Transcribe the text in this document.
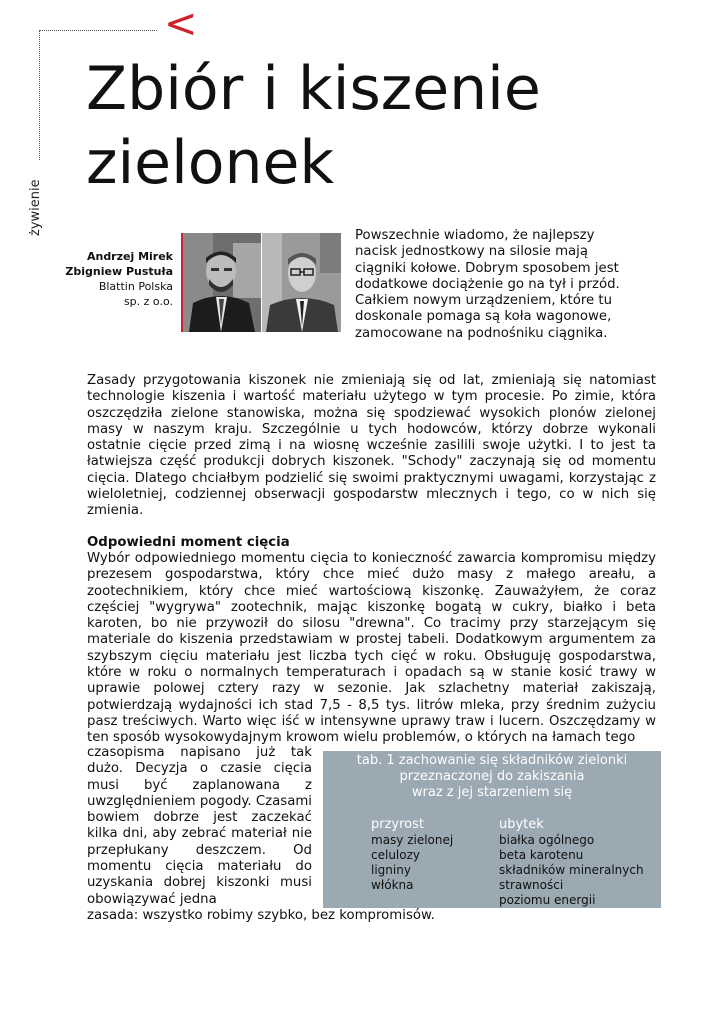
<
żywienie
Zbiór i kiszenie
zielonek
Andrzej Mirek
Zbigniew Pustuła
Blattin Polska
sp. z o.o.
Powszechnie wiadomo, że najlepszy nacisk jednostkowy na silosie mają ciągniki kołowe. Dobrym sposobem jest dodatkowe dociążenie go na tył i przód. Całkiem nowym urządzeniem, które tu doskonale pomaga są koła wagonowe, zamocowane na podnośniku ciągnika.

Zasady przygotowania kiszonek nie zmieniają się od lat, zmieniają się natomiast technologie kiszenia i wartość materiału użytego w tym procesie. Po zimie, która oszczędziła zielone stanowiska, można się spodziewać wysokich plonów zielonej masy w naszym kraju. Szczególnie u tych hodowców, którzy dobrze wykonali ostatnie cięcie przed zimą i na wiosnę wcześnie zasilili swoje użytki. I to jest ta łatwiejsza część produkcji dobrych kiszonek. "Schody" zaczynają się od momentu cięcia. Dlatego chciałbym podzielić się swoimi praktycznymi uwagami, korzystając z wieloletniej, codziennej obserwacji gospodarstw mlecznych i tego, co w nich się zmienia.

Odpowiedni moment cięcia

Wybór odpowiedniego momentu cięcia to konieczność zawarcia kompromisu między prezesem gospodarstwa, który chce mieć dużo masy z małego areału, a zootechnikiem, który chce mieć wartościową kiszonkę. Zauważyłem, że coraz częściej "wygrywa" zootechnik, mając kiszonkę bogatą w cukry, białko i beta karoten, bo nie przywoził do silosu "drewna". Co tracimy przy starzejącym się materiale do kiszenia przedstawiam w prostej tabeli. Dodatkowym argumentem za szybszym cięciu materiału jest liczba tych cięć w roku. Obsługuję gospodarstwa, które w roku o normalnych temperaturach i opadach są w stanie kosić trawy w uprawie polowej cztery razy w sezonie. Jak szlachetny materiał zakiszają, potwierdzają wydajności ich stad 7,5 - 8,5 tys. litrów mleka, przy średnim zużyciu pasz treściwych. Warto więc iść w intensywne uprawy traw i lucern. Oszczędzamy w ten sposób wysokowydajnym krowom wielu problemów, o których na łamach tego

czasopisma napisano już tak dużo. Decyzja o czasie cięcia musi być zaplanowana z uwzględnieniem pogody. Czasami bowiem dobrze jest zaczekać kilka dni, aby zebrać materiał nie przepłukany deszczem. Od momentu cięcia materiału do uzyskania dobrej kiszonki musi obowiązywać jedna
zasada: wszystko robimy szybko, bez kompromisów.
tab. 1 zachowanie się składników zielonki
przeznaczonej do zakiszania
wraz z jej starzeniem się
przyrost
masy zielonej
celulozy
ligniny
włókna
ubytek
białka ogólnego
beta karotenu
składników mineralnych
strawności
poziomu energii
